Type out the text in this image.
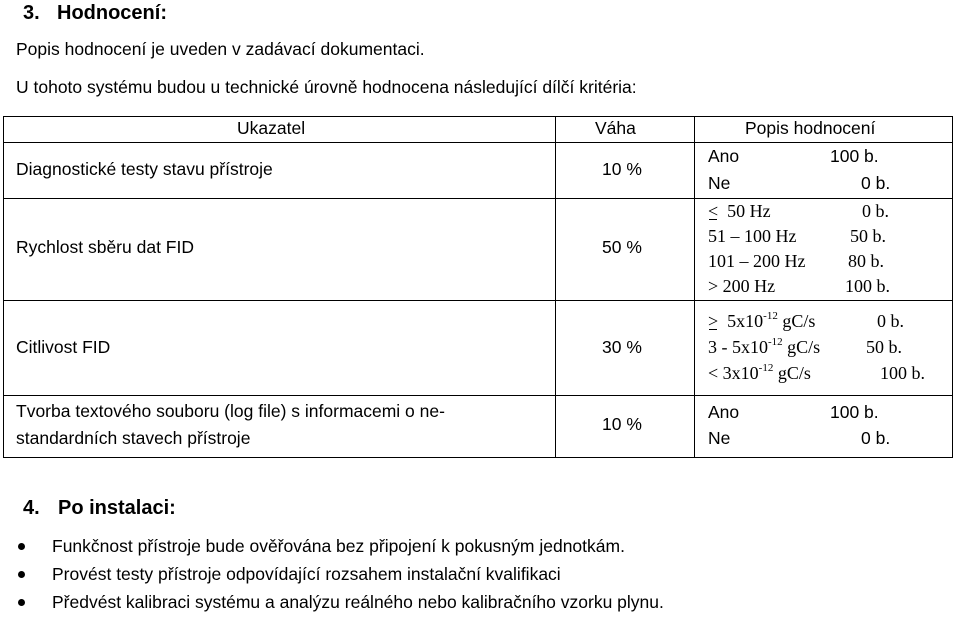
3. Hodnocení:
Popis hodnocení je uveden v zadávací dokumentaci.
U tohoto systému budou u technické úrovně hodnocena následující dílčí kritéria:
Ukazatel	Váha	Popis hodnocení
Diagnostické testy stavu přístroje	10 %
Ano	100 b.
Ne	0 b.
Rychlost sběru dat FID	50 %
< 50 Hz	0 b.
51 – 100 Hz	50 b.
101 – 200 Hz 80 b.
> 200 Hz	100 b.
Citlivost FID	30 %
> $5x10^{-12}$ gC/s	0 b.
$3 - 5x10^{-12}$ gC/s	50 b.
< $3x10^{-12}$ gC/s	100 b.
Tvorba textového souboru (log file) s informacemi o ne-
standardních stavech přístroje
10 %
Ano	100 b.
Ne	0 b.
4. Po instalaci:
Funkčnost přístroje bude ověřována bez připojení k pokusným jednotkám.
Provést testy přístroje odpovídající rozsahem instalační kvalifikaci
Předvést kalibraci systému a analýzu reálného nebo kalibračního vzorku plynu.
